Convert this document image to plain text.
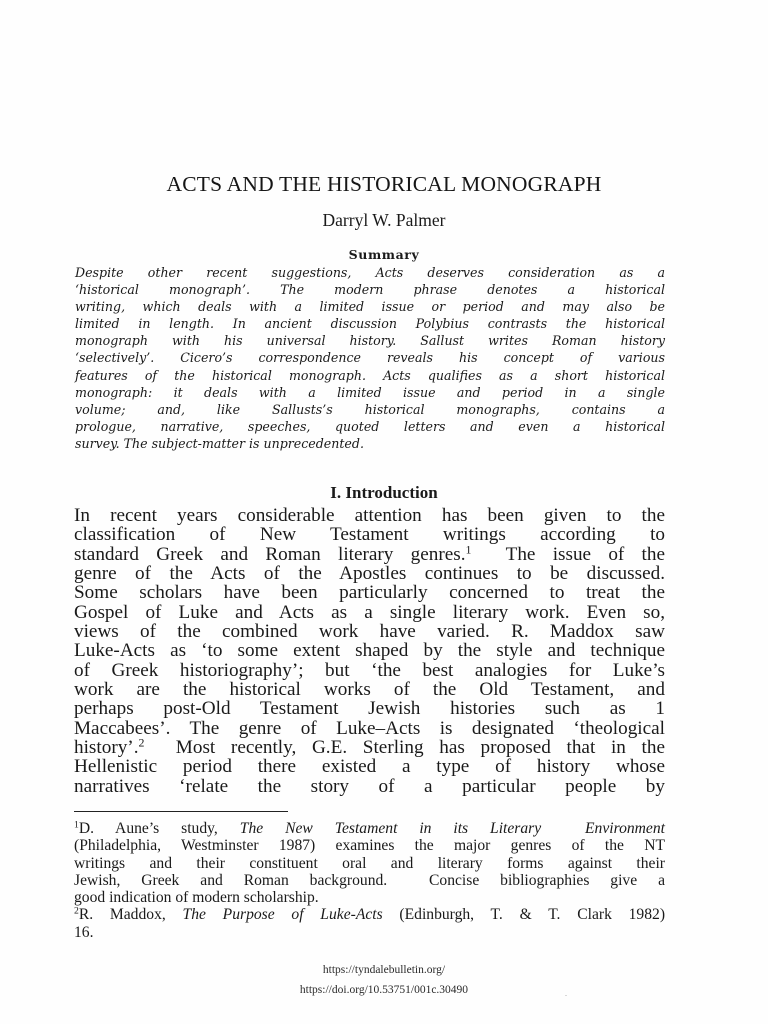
ACTS AND THE HISTORICAL MONOGRAPH
Darryl W. Palmer
Summary
Despite other recent suggestions, Acts deserves consideration as a
‘historical monograph’. The modern phrase denotes a historical
writing, which deals with a limited issue or period and may also be
limited in length. In ancient discussion Polybius contrasts the historical
monograph with his universal history. Sallust writes Roman history
‘selectively’. Cicero’s correspondence reveals his concept of various
features of the historical monograph. Acts qualifies as a short historical
monograph: it deals with a limited issue and period in a single
volume; and, like Sallusts’s historical monographs, contains a
prologue, narrative, speeches, quoted letters and even a historical
survey. The subject-matter is unprecedented.
I. Introduction
In recent years considerable attention has been given to the
classification of New Testament writings according to
standard Greek and Roman literary genres.$^1$  The issue of the
genre of the Acts of the Apostles continues to be discussed.
Some scholars have been particularly concerned to treat the
Gospel of Luke and Acts as a single literary work. Even so,
views of the combined work have varied. R. Maddox saw
Luke-Acts as ‘to some extent shaped by the style and technique
of Greek historiography’; but ‘the best analogies for Luke’s
work are the historical works of the Old Testament, and
perhaps post-Old Testament Jewish histories such as 1
Maccabees’. The genre of Luke–Acts is designated ‘theological
history’.$^2$  Most recently, G.E. Sterling has proposed that in the
Hellenistic period there existed a type of history whose
narratives ‘relate the story of a particular people by
$^1$D. Aune’s study, The New Testament in its Literary  Environment
(Philadelphia, Westminster 1987) examines the major genres of the NT
writings and their constituent oral and literary forms against their
Jewish, Greek and Roman background.  Concise bibliographies give a
good indication of modern scholarship.
$^2$R. Maddox, The Purpose of Luke-Acts (Edinburgh, T. & T. Clark 1982)
16.
https://tyndalebulletin.org/
https://doi.org/10.53751/001c.30490
